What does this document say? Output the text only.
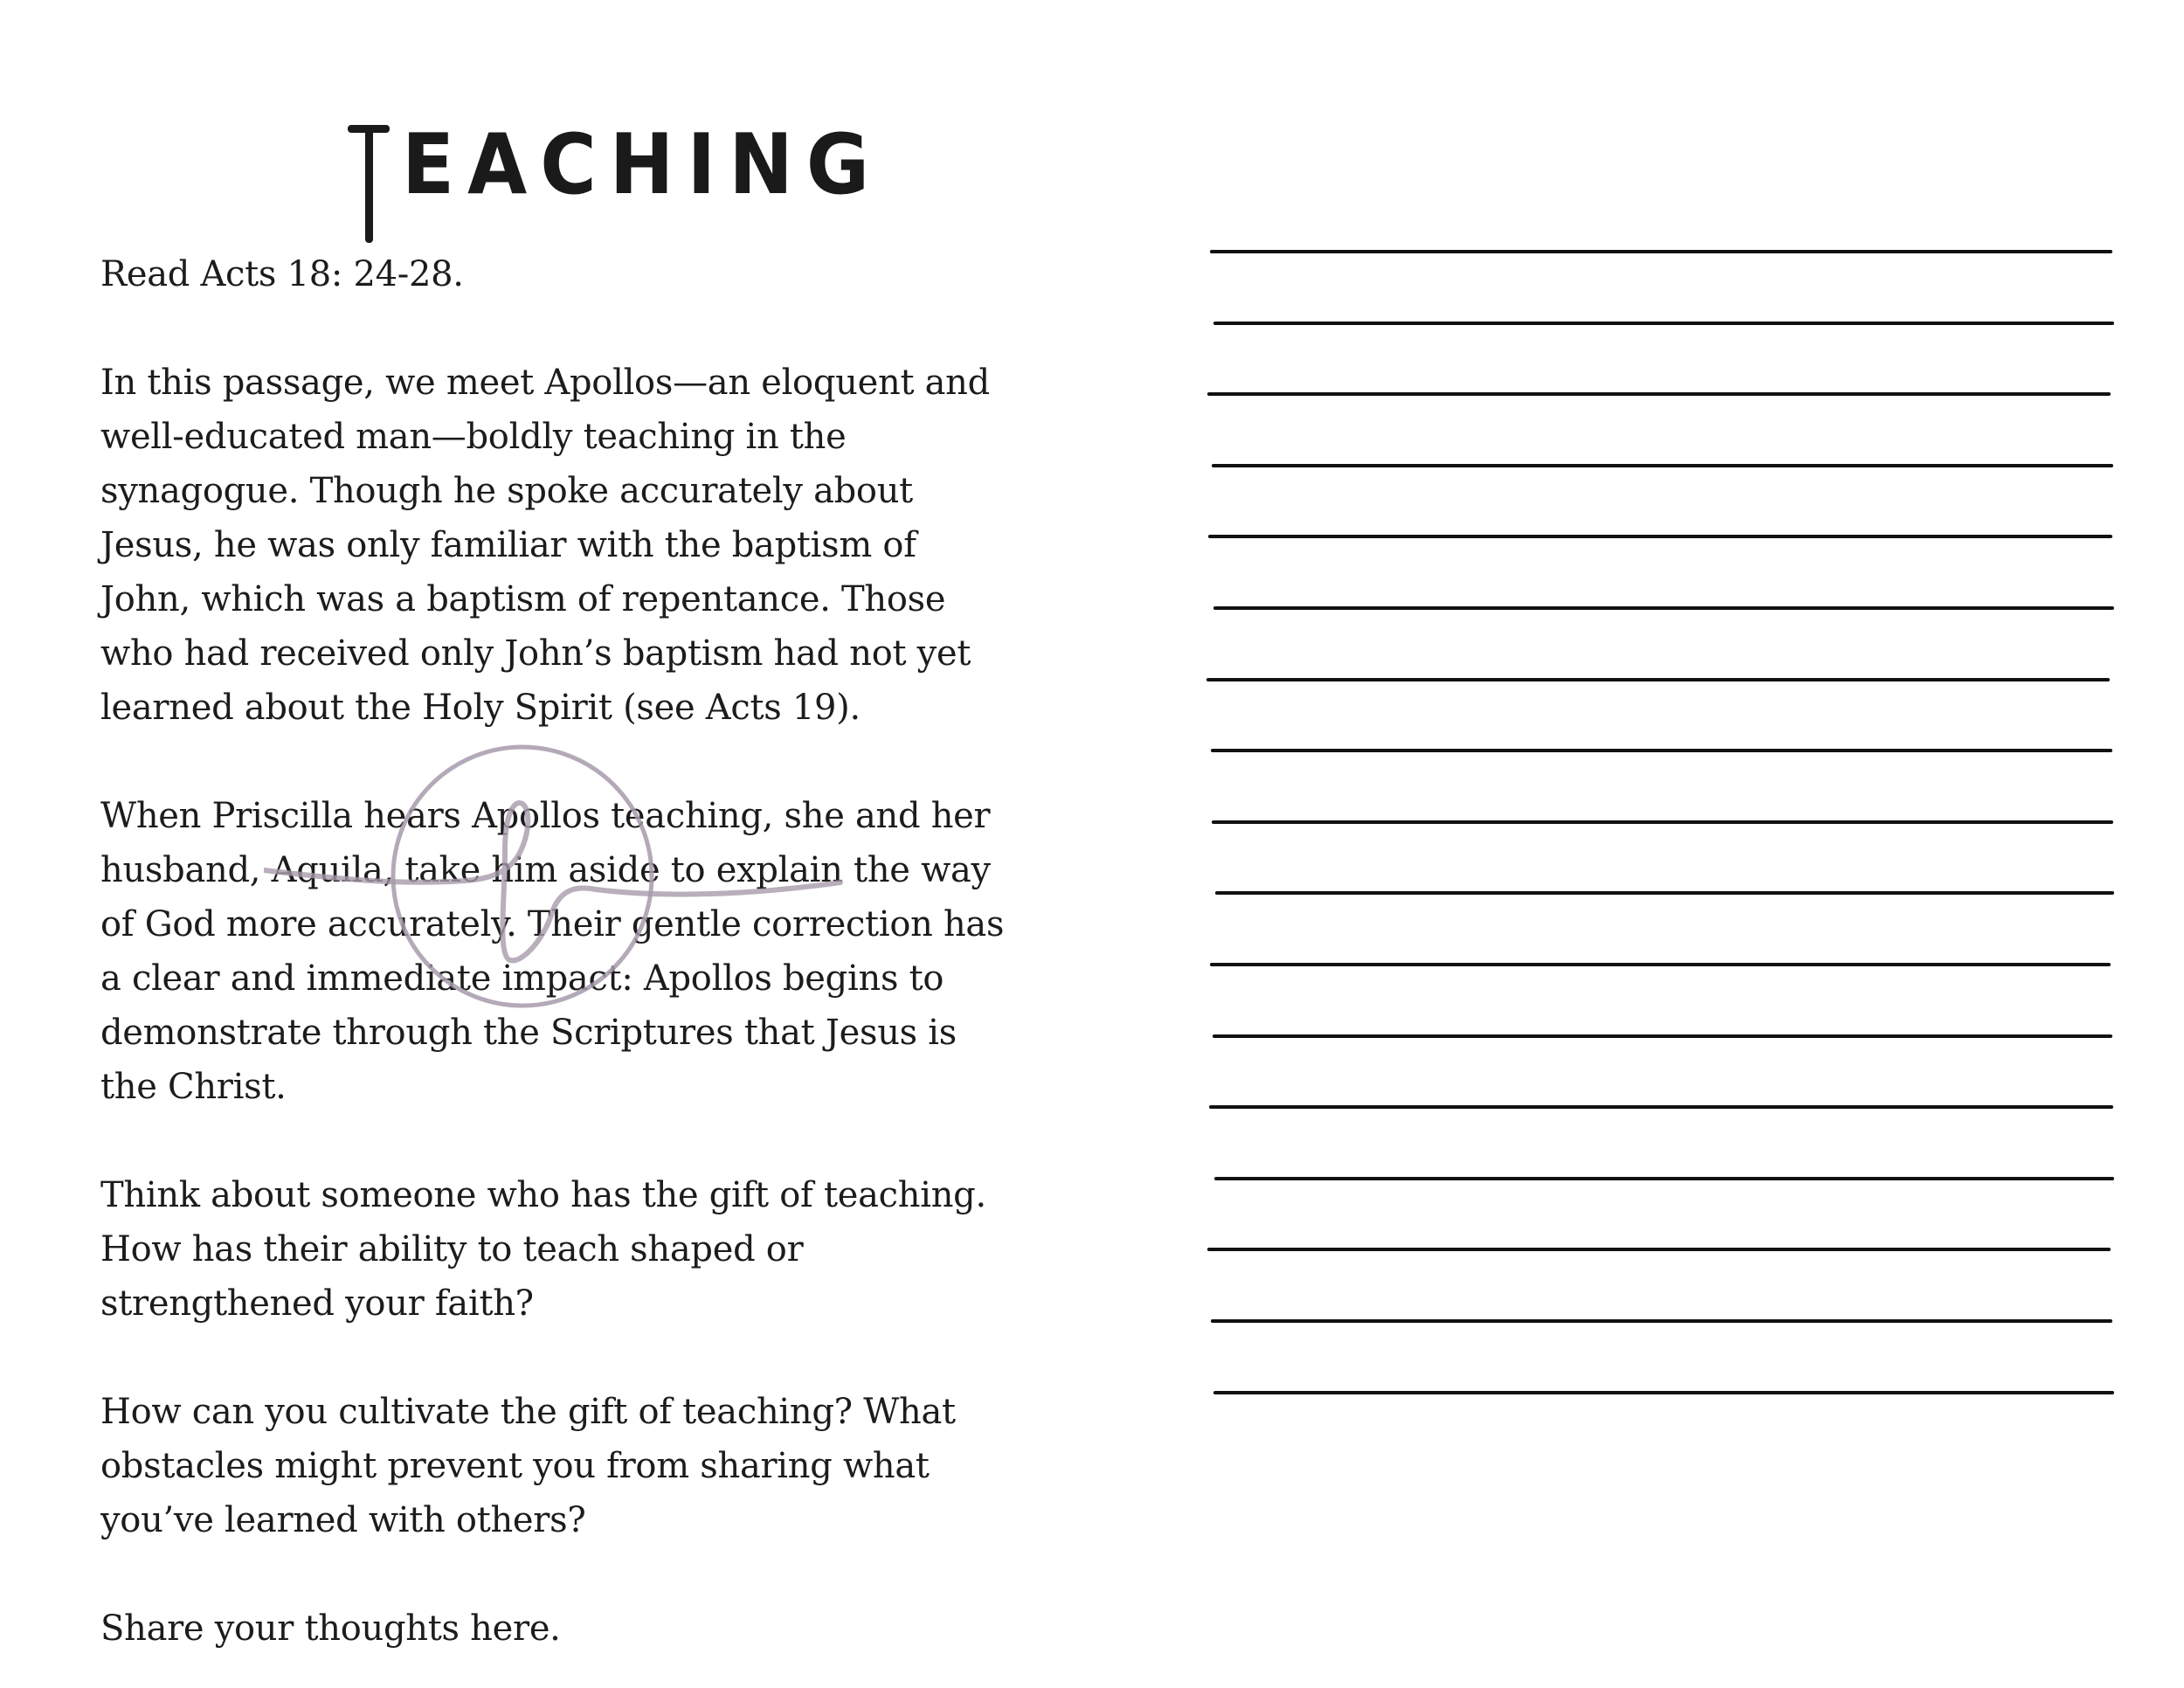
EACHING

Read Acts 18: 24-28.

In this passage, we meet Apollos—an eloquent and
well-educated man—boldly teaching in the
synagogue. Though he spoke accurately about
Jesus, he was only familiar with the baptism of
John, which was a baptism of repentance. Those
who had received only John’s baptism had not yet
learned about the Holy Spirit (see Acts 19).

When Priscilla hears Apollos teaching, she and her
husband, Aquila, take him aside to explain the way
of God more accurately. Their gentle correction has
a clear and immediate impact: Apollos begins to
demonstrate through the Scriptures that Jesus is
the Christ.

Think about someone who has the gift of teaching.
How has their ability to teach shaped or
strengthened your faith?

How can you cultivate the gift of teaching? What
obstacles might prevent you from sharing what
you’ve learned with others?

Share your thoughts here.
